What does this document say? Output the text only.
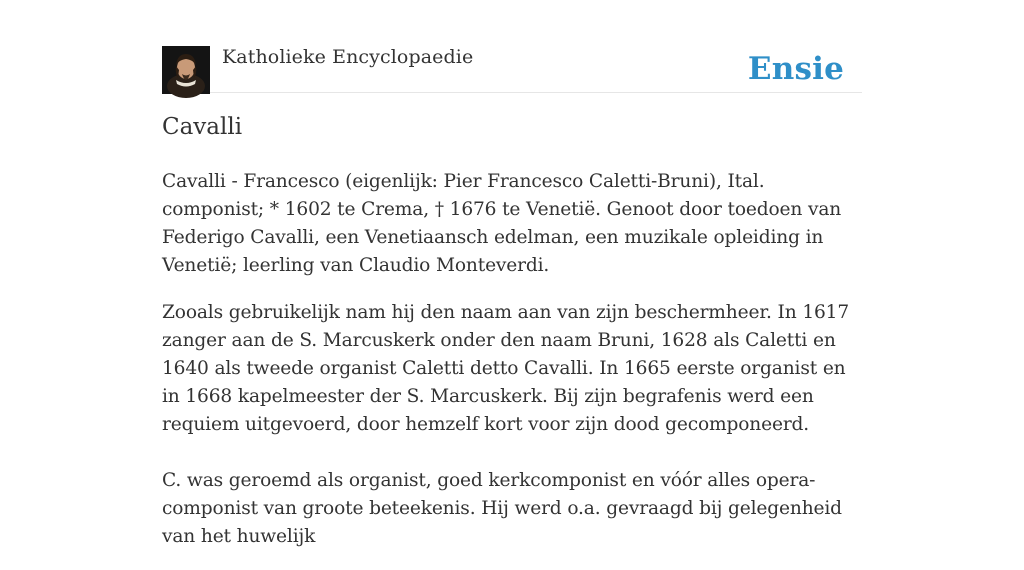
Katholieke Encyclopaedie	Ensie
Cavalli

Cavalli - Francesco (eigenlijk: Pier Francesco Caletti-Bruni), Ital. componist; * 1602 te Crema, † 1676 te Venetië. Genoot door toedoen van Federigo Cavalli, een Venetiaansch edelman, een muzikale opleiding in Venetië; leerling van Claudio Monteverdi.

Zooals gebruikelijk nam hij den naam aan van zijn beschermheer. In 1617 zanger aan de S. Marcuskerk onder den naam Bruni, 1628 als Caletti en 1640 als tweede organist Caletti detto Cavalli. In 1665 eerste organist en in 1668 kapelmeester der S. Marcuskerk. Bij zijn begrafenis werd een requiem uitgevoerd, door hemzelf kort voor zijn dood gecomponeerd.

C. was geroemd als organist, goed kerkcomponist en vóór alles opera-componist van groote beteekenis. Hij werd o.a. gevraagd bij gelegenheid van het huwelijk
